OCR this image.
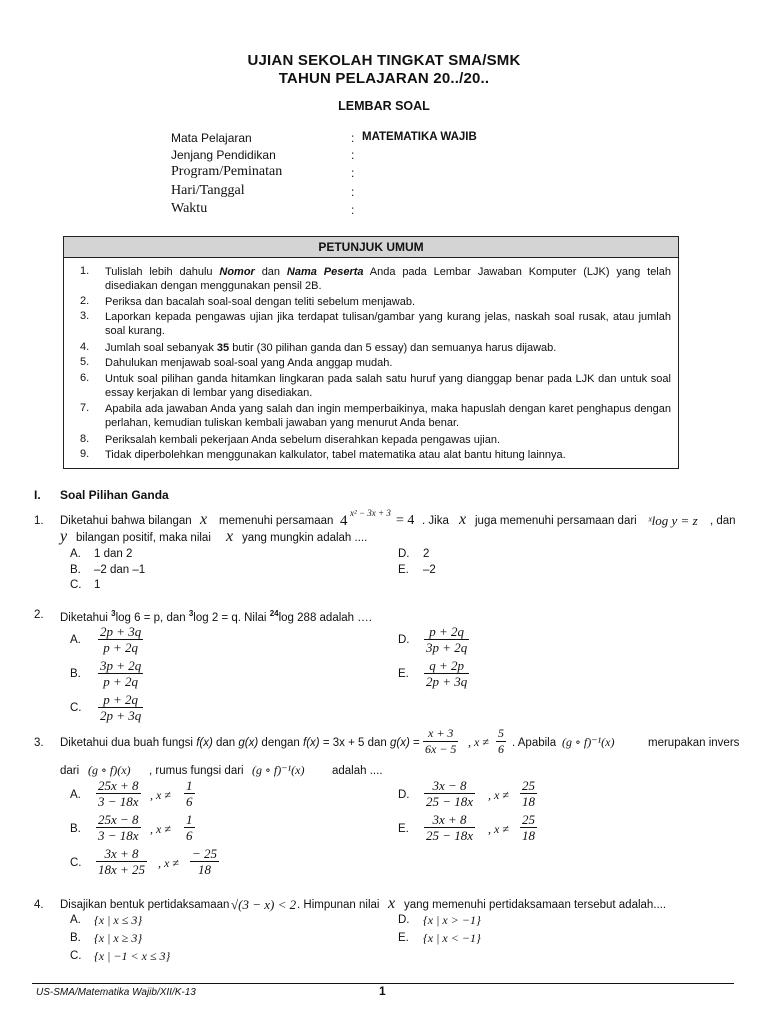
UJIAN SEKOLAH TINGKAT SMA/SMK
TAHUN PELAJARAN 20../20..
LEMBAR SOAL
Mata Pelajaran	: MATEMATIKA WAJIB
Jenjang Pendidikan	:
Program/Peminatan	:
Hari/Tanggal	:
Waktu	:
PETUNJUK UMUM
1. Tulislah lebih dahulu Nomor dan Nama Peserta Anda pada Lembar Jawaban Komputer (LJK) yang telah disediakan dengan menggunakan pensil 2B.
2. Periksa dan bacalah soal-soal dengan teliti sebelum menjawab.
3. Laporkan kepada pengawas ujian jika terdapat tulisan/gambar yang kurang jelas, naskah soal rusak, atau jumlah soal kurang.
4. Jumlah soal sebanyak 35 butir (30 pilihan ganda dan 5 essay) dan semuanya harus dijawab.
5. Dahulukan menjawab soal-soal yang Anda anggap mudah.
6. Untuk soal pilihan ganda hitamkan lingkaran pada salah satu huruf yang dianggap benar pada LJK dan untuk soal essay kerjakan di lembar yang disediakan.
7. Apabila ada jawaban Anda yang salah dan ingin memperbaikinya, maka hapuslah dengan karet penghapus dengan perlahan, kemudian tuliskan kembali jawaban yang menurut Anda benar.
8. Periksalah kembali pekerjaan Anda sebelum diserahkan kepada pengawas ujian.
9. Tidak diperbolehkan menggunakan kalkulator, tabel matematika atau alat bantu hitung lainnya.
I. Soal Pilihan Ganda
1. Diketahui bahwa bilangan x memenuhi persamaan 4 x² − 3x + 3 = 4 . Jika x juga memenuhi persamaan dari ˣlog y = z , dan
y bilangan positif, maka nilai x yang mungkin adalah ....
A. 1 dan 2
B. –2 dan –1
C. 1
D. 2
E. –2
2. Diketahui $^3$log 6 = p, dan $^3$log 2 = q. Nilai $^{24}$log 288 adalah ….
A. $\frac{2p + 3q}{p + 2q}$
B. $\frac{3p + 2q}{p + 2q}$
C. $\frac{p + 2q}{2p + 3q}$
D. $\frac{p + 2q}{3p + 2q}$
E. $\frac{q + 2p}{2p + 3q}$
3. Diketahui dua buah fungsi f(x) dan g(x) dengan f(x) = 3x + 5 dan $g(x) = \frac{x + 3}{6x - 5}$ , $x \ne \frac{5}{6}$ . Apabila (g ∘ f)⁻¹(x)	merupakan invers
dari (g ∘ f)(x) , rumus fungsi dari (g ∘ f)⁻¹(x) adalah ....
A. $\frac{25x + 8}{3 - 18x}$ , $x \ne \frac{1}{6}$
B. $\frac{25x - 8}{3 - 18x}$ , $x \ne \frac{1}{6}$
C. $\frac{3x + 8}{18x + 25}$ , $x \ne \frac{- 25}{18}$
D. $\frac{3x - 8}{25 - 18x}$ , $x \ne \frac{25}{18}$
E. $\frac{3x + 8}{25 - 18x}$ , $x \ne \frac{25}{18}$
4. Disajikan bentuk pertidaksamaan √(3 − x) < 2 . Himpunan nilai x yang memenuhi pertidaksamaan tersebut adalah....
A. {x | x ≤ 3}
B. {x | x ≥ 3}
C. {x | −1 < x ≤ 3}
D. {x | x > −1}
E. {x | x < −1}
US-SMA/Matematika Wajib/XII/K-13	1
